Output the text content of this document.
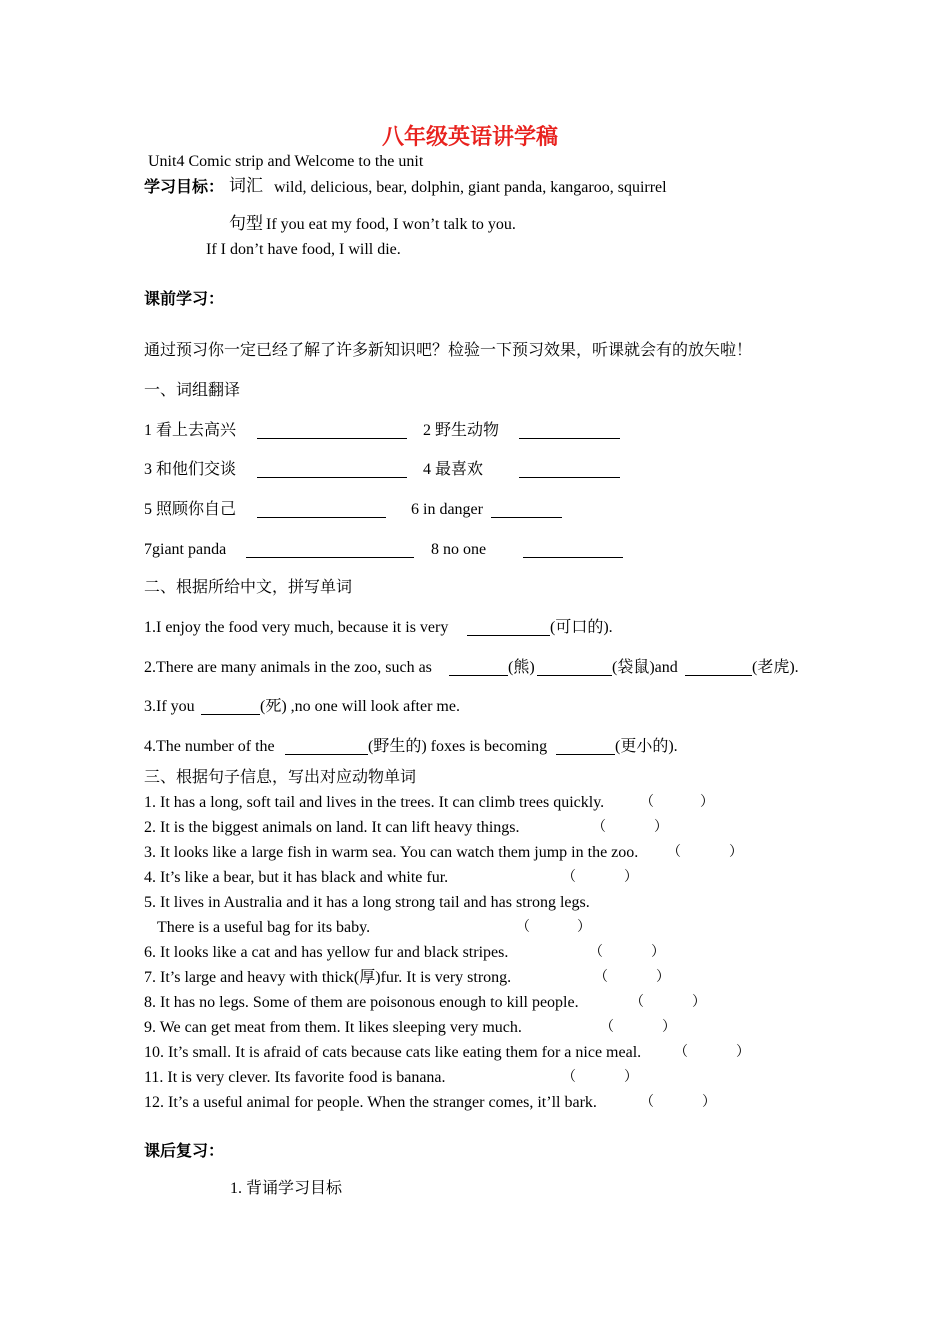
八年级英语讲学稿
Unit4 Comic strip and Welcome to the unit
学习目标： 词汇 wild, delicious, bear, dolphin, giant panda, kangaroo, squirrel
句型 If you eat my food, I won’t talk to you.
If I don’t have food, I will die.
课前学习：
通过预习你一定已经了解了许多新知识吧？检验一下预习效果，听课就会有的放矢啦！
一、词组翻译
1 看上去高兴	2 野生动物
3 和他们交谈	4 最喜欢
5 照顾你自己	6 in danger
7giant panda	8 no one
二、根据所给中文，拼写单词
1.I enjoy the food very much, because it is very	(可口的).
2.There are many animals in the zoo, such as	(熊)	(袋鼠)and	(老虎).
3.If you	(死) ,no one will look after me.
4.The number of the	(野生的) foxes is becoming	(更小的).
三、根据句子信息，写出对应动物单词
1. It has a long, soft tail and lives in the trees. It can climb trees quickly.	（	）
2. It is the biggest animals on land. It can lift heavy things.	（	）
3. It looks like a large fish in warm sea. You can watch them jump in the zoo. （	）
4. It’s like a bear, but it has black and white fur.	（	）
5. It lives in Australia and it has a long strong tail and has strong legs.
There is a useful bag for its baby.	（	）
6. It looks like a cat and has yellow fur and black stripes.	（	）
7. It’s large and heavy with thick(厚)fur. It is very strong.	（	）
8. It has no legs. Some of them are poisonous enough to kill people.	（	）
9. We can get meat from them. It likes sleeping very much.	（	）
10. It’s small. It is afraid of cats because cats like eating them for a nice meal. （	）
11. It is very clever. Its favorite food is banana.	（	）
12. It’s a useful animal for people. When the stranger comes, it’ll bark.	（	）
课后复习：
1. 背诵学习目标
